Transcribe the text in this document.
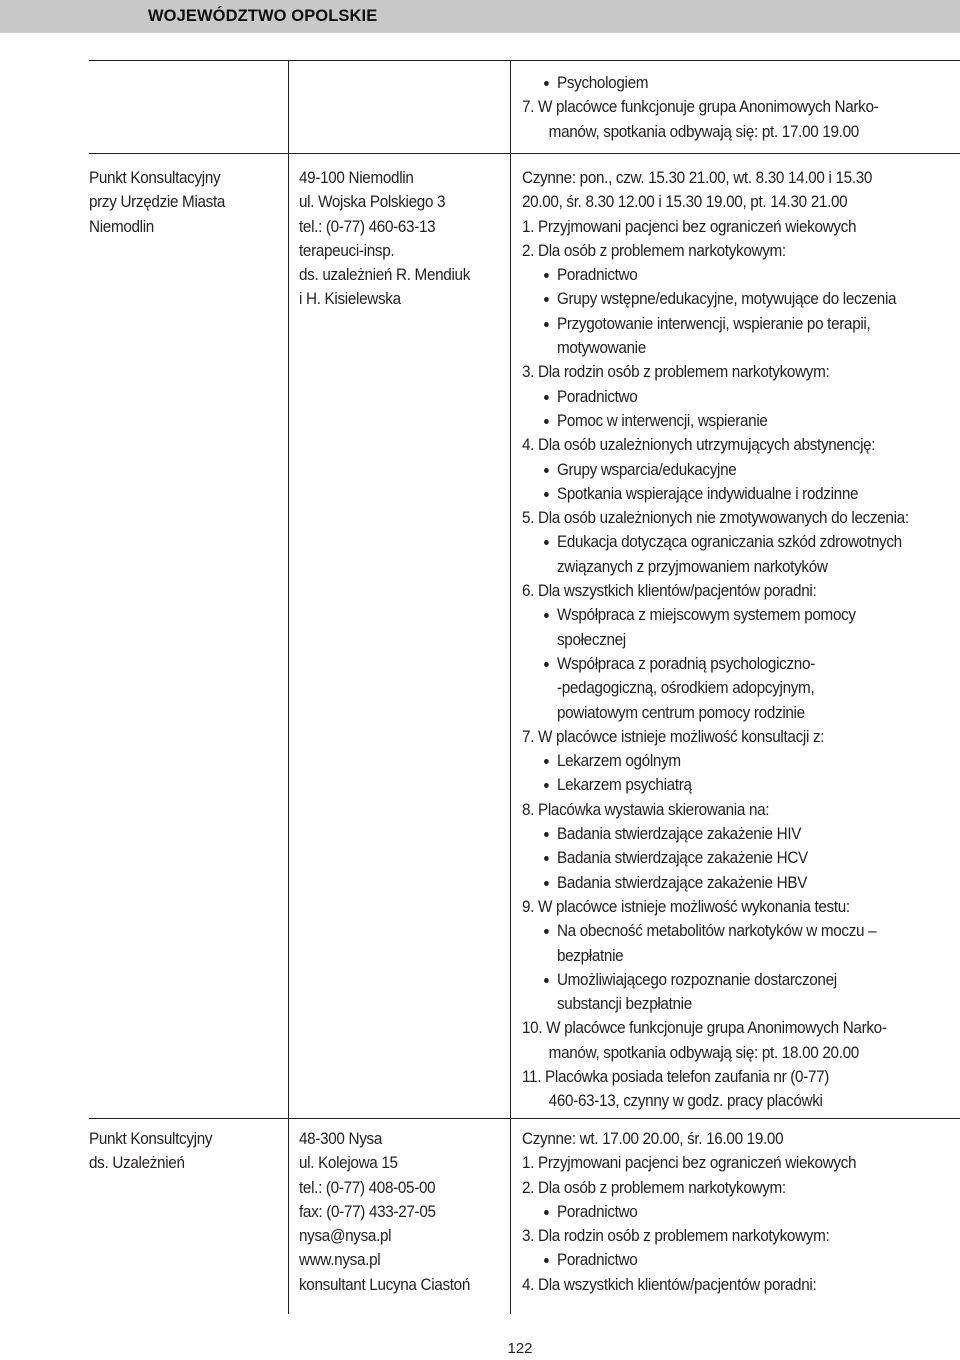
WOJEWÓDZTWO OPOLSKIE
Psychologiem
7. W placówce funkcjonuje grupa Anonimowych Narko-
manów, spotkania odbywają się: pt. 17.00 19.00
Punkt Konsultacyjny
przy Urzędzie Miasta
Niemodlin
49-100 Niemodlin
ul. Wojska Polskiego 3
tel.: (0-77) 460-63-13
terapeuci-insp.
ds. uzależnień R. Mendiuk
i H. Kisielewska
Czynne: pon., czw. 15.30 21.00, wt. 8.30 14.00 i 15.30
20.00, śr. 8.30 12.00 i 15.30 19.00, pt. 14.30 21.00
1. Przyjmowani pacjenci bez ograniczeń wiekowych
2. Dla osób z problemem narkotykowym:
Poradnictwo
Grupy wstępne/edukacyjne, motywujące do leczenia
Przygotowanie interwencji, wspieranie po terapii,
motywowanie
3. Dla rodzin osób z problemem narkotykowym:
Poradnictwo
Pomoc w interwencji, wspieranie
4. Dla osób uzależnionych utrzymujących abstynencję:
Grupy wsparcia/edukacyjne
Spotkania wspierające indywidualne i rodzinne
5. Dla osób uzależnionych nie zmotywowanych do leczenia:
Edukacja dotycząca ograniczania szkód zdrowotnych
związanych z przyjmowaniem narkotyków
6. Dla wszystkich klientów/pacjentów poradni:
Współpraca z miejscowym systemem pomocy
społecznej
Współpraca z poradnią psychologiczno-
-pedagogiczną, ośrodkiem adopcyjnym,
powiatowym centrum pomocy rodzinie
7. W placówce istnieje możliwość konsultacji z:
Lekarzem ogólnym
Lekarzem psychiatrą
8. Placówka wystawia skierowania na:
Badania stwierdzające zakażenie HIV
Badania stwierdzające zakażenie HCV
Badania stwierdzające zakażenie HBV
9. W placówce istnieje możliwość wykonania testu:
Na obecność metabolitów narkotyków w moczu –
bezpłatnie
Umożliwiającego rozpoznanie dostarczonej
substancji bezpłatnie
10. W placówce funkcjonuje grupa Anonimowych Narko-
manów, spotkania odbywają się: pt. 18.00 20.00
11. Placówka posiada telefon zaufania nr (0-77)
460-63-13, czynny w godz. pracy placówki
Punkt Konsultcyjny
ds. Uzależnień
48-300 Nysa
ul. Kolejowa 15
tel.: (0-77) 408-05-00
fax: (0-77) 433-27-05
nysa@nysa.pl
www.nysa.pl
konsultant Lucyna Ciastoń
Czynne: wt. 17.00 20.00, śr. 16.00 19.00
1. Przyjmowani pacjenci bez ograniczeń wiekowych
2. Dla osób z problemem narkotykowym:
Poradnictwo
3. Dla rodzin osób z problemem narkotykowym:
Poradnictwo
4. Dla wszystkich klientów/pacjentów poradni:
122
